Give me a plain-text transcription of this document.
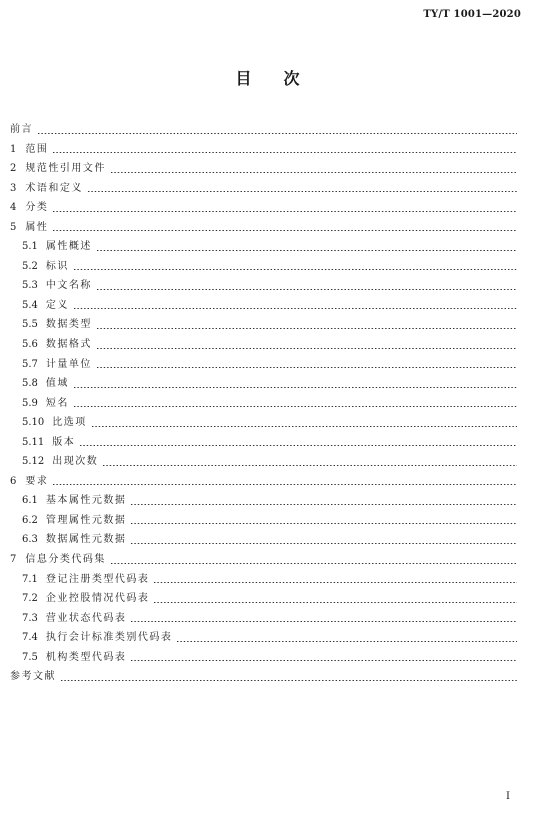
TY/T 1001—2020
目 次
前言
1 范围
2 规范性引用文件
3 术语和定义
4 分类
5 属性
5.1 属性概述
5.2 标识
5.3 中文名称
5.4 定义
5.5 数据类型
5.6 数据格式
5.7 计量单位
5.8 值域
5.9 短名
5.10 比选项
5.11 版本
5.12 出现次数
6 要求
6.1 基本属性元数据
6.2 管理属性元数据
6.3 数据属性元数据
7 信息分类代码集
7.1 登记注册类型代码表
7.2 企业控股情况代码表
7.3 营业状态代码表
7.4 执行会计标准类别代码表
7.5 机构类型代码表
参考文献
I
